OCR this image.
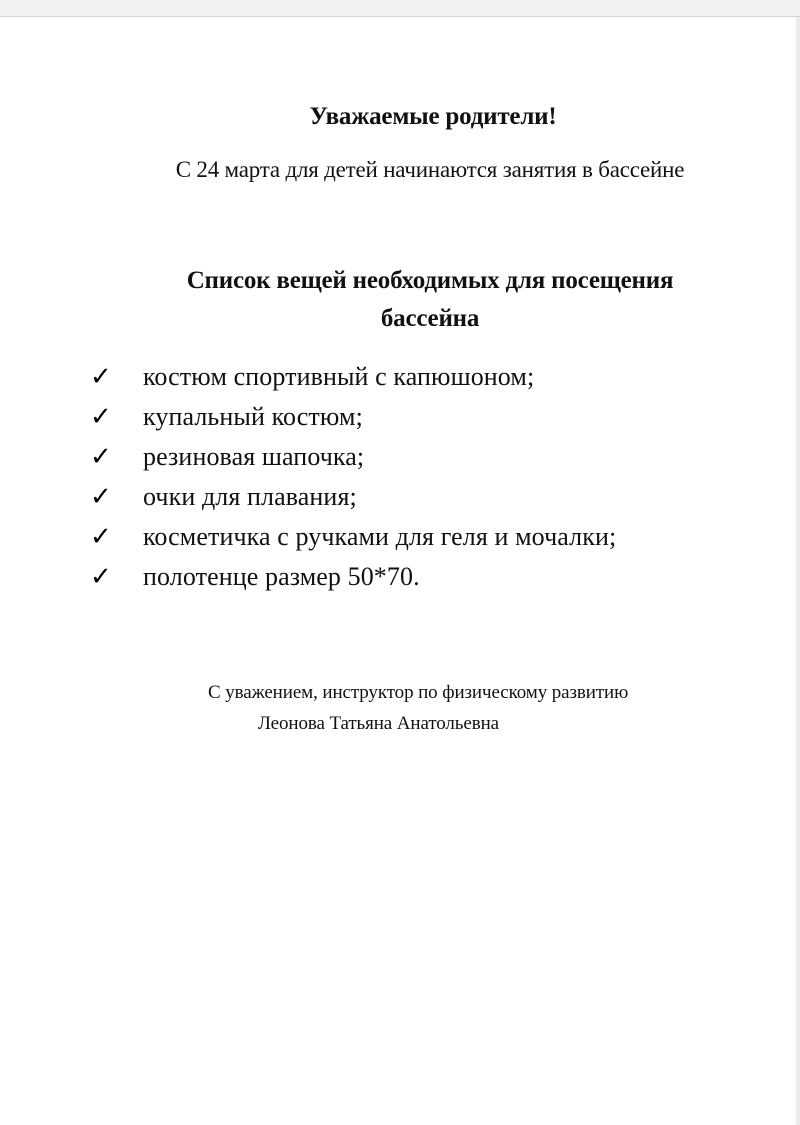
Уважаемые родители!
С 24 марта для детей начинаются занятия в бассейне
Список вещей необходимых для посещения
бассейна
✓	костюм спортивный с капюшоном;
✓	купальный костюм;
✓	резиновая шапочка;
✓	очки для плавания;
✓	косметичка с ручками для геля и мочалки;
✓	полотенце размер 50*70.
С уважением, инструктор по физическому развитию
Леонова Татьяна Анатольевна
